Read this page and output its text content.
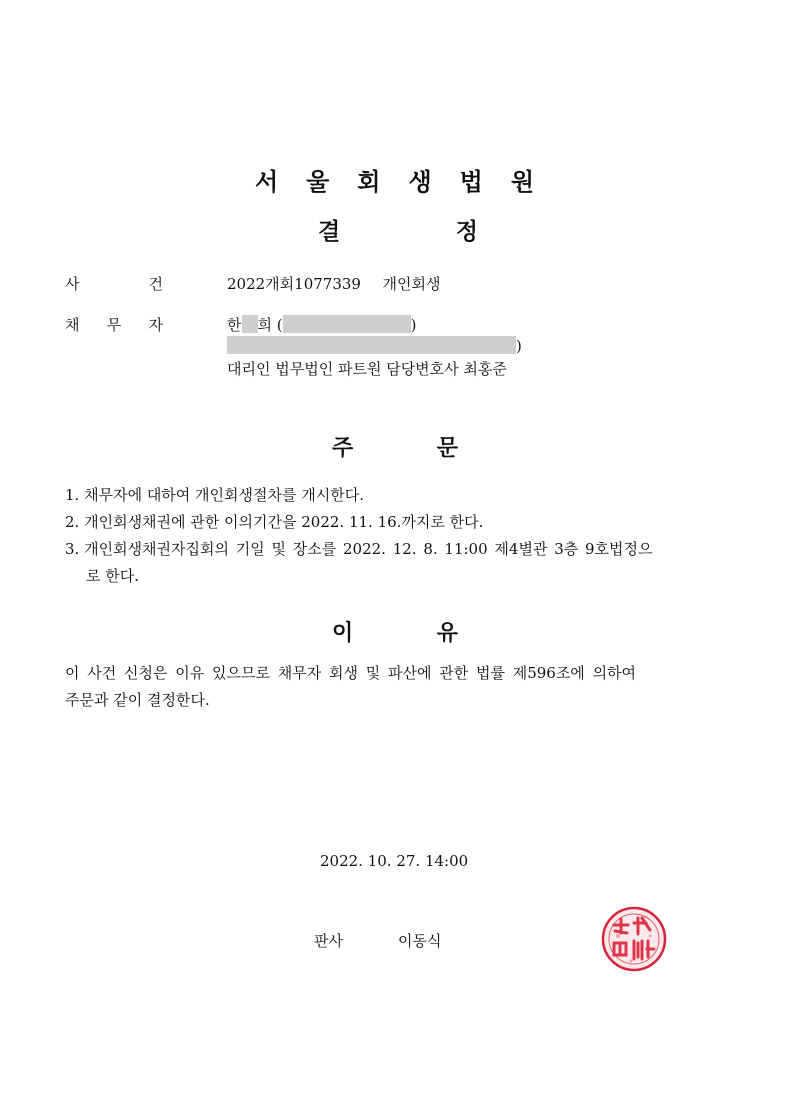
서울회생법원
결	정
사	건	2022개회1077339 개인회생
채 무 자	한 희 (	)
)
대리인 법무법인 파트원 담당변호사 최홍준
주	문
1. 채무자에 대하여 개인회생절차를 개시한다.
2. 개인회생채권에 관한 이의기간을 2022. 11. 16.까지로 한다.
3. 개인회생채권자집회의 기일 및 장소를 2022. 12. 8. 11:00 제4별관 3층 9호법정으
로 한다.
이	유
이 사건 신청은 이유 있으므로 채무자 회생 및 파산에 관한 법률 제596조에 의하여
주문과 같이 결정한다.
2022. 10. 27. 14:00
판사	이동식
